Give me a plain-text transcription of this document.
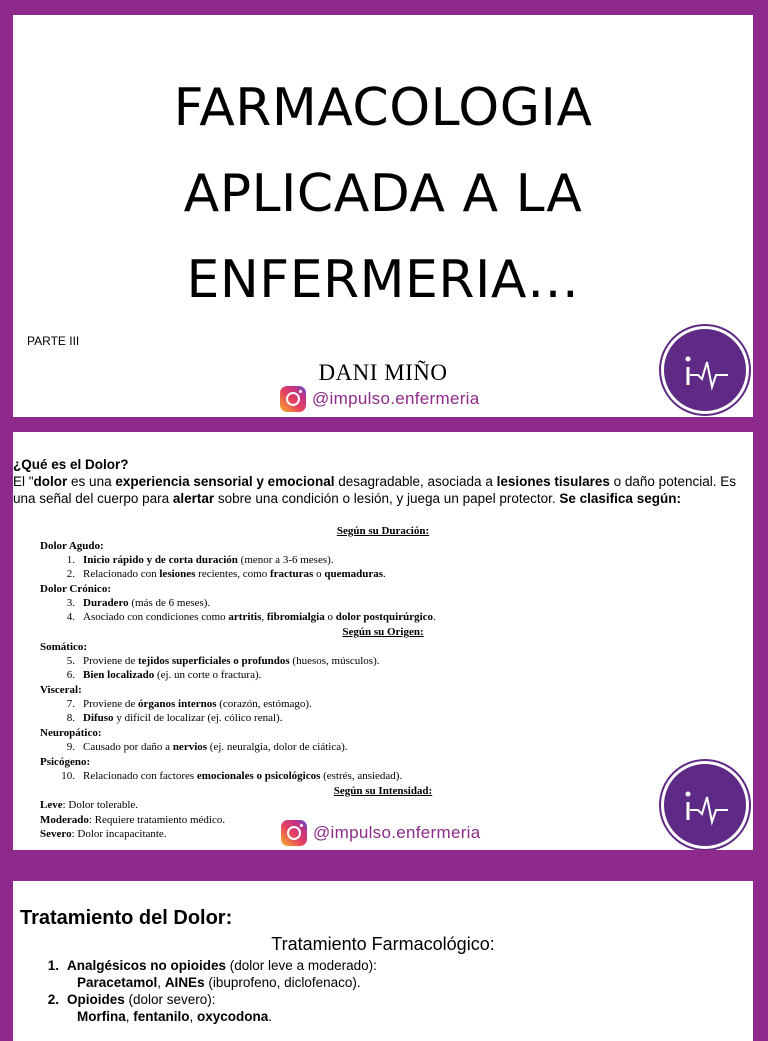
FARMACOLOGIA
APLICADA A LA
ENFERMERIA…
PARTE III
DANI MIÑO
@impulso.enfermeria
¿Qué es el Dolor?
El "dolor es una experiencia sensorial y emocional desagradable, asociada a lesiones tisulares o daño potencial. Es una señal del cuerpo para alertar sobre una condición o lesión, y juega un papel protector. Se clasifica según:
Según su Duración:
Dolor Agudo:
1. Inicio rápido y de corta duración (menor a 3-6 meses).
2. Relacionado con lesiones recientes, como fracturas o quemaduras.
Dolor Crónico:
3. Duradero (más de 6 meses).
4. Asociado con condiciones como artritis, fibromialgia o dolor postquirúrgico.
Según su Origen:
Somático:
5. Proviene de tejidos superficiales o profundos (huesos, músculos).
6. Bien localizado (ej. un corte o fractura).
Visceral:
7. Proviene de órganos internos (corazón, estómago).
8. Difuso y difícil de localizar (ej. cólico renal).
Neuropático:
9. Causado por daño a nervios (ej. neuralgia, dolor de ciática).
Psicógeno:
10. Relacionado con factores emocionales o psicológicos (estrés, ansiedad).
Según su Intensidad:
Leve: Dolor tolerable.
Moderado: Requiere tratamiento médico.
Severo: Dolor incapacitante.	@impulso.enfermeria
Tratamiento del Dolor:
Tratamiento Farmacológico:
1. Analgésicos no opioides (dolor leve a moderado):
Paracetamol, AINEs (ibuprofeno, diclofenaco).
2. Opioides (dolor severo):
Morfina, fentanilo, oxycodona.
